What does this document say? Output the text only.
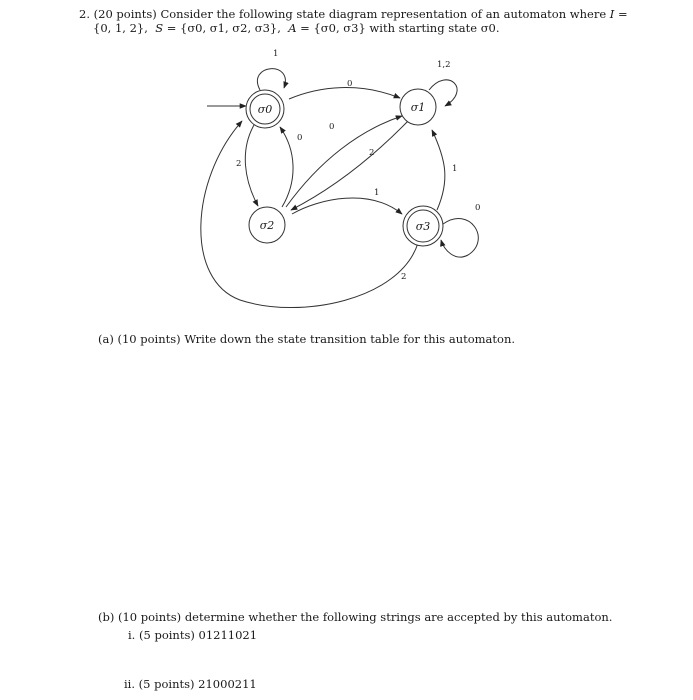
2. (20 points) Consider the following state diagram representation of an automaton where I =
{0, 1, 2}, S = {σ0, σ1, σ2, σ3}, A = {σ0, σ3} with starting state σ0.
σ0	σ1
σ2	σ3
1
0
1,2
2
0
0
2
1
1
0
2
(a) (10 points) Write down the state transition table for this automaton.
(b) (10 points) determine whether the following strings are accepted by this automaton.
i. (5 points) 01211021
ii. (5 points) 21000211
